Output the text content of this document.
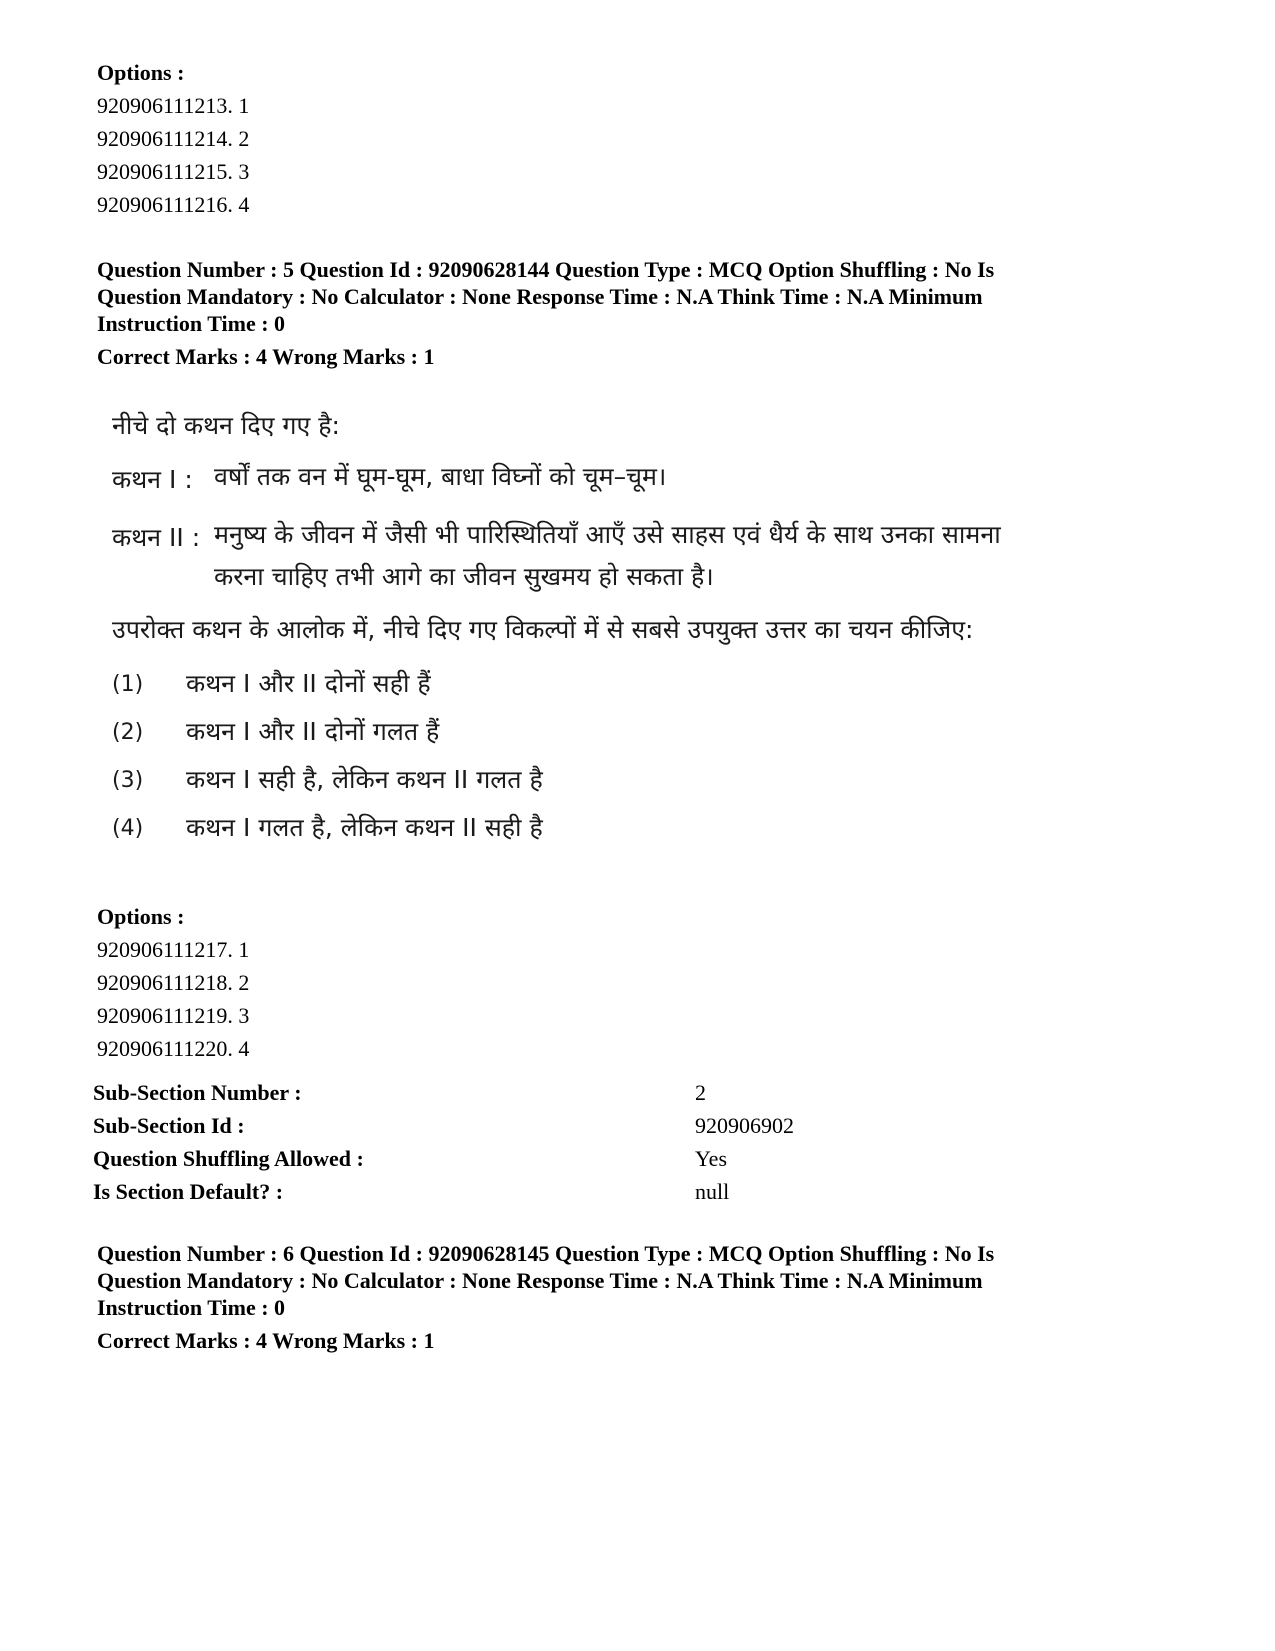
Options :
920906111213. 1
920906111214. 2
920906111215. 3
920906111216. 4
Question Number : 5 Question Id : 92090628144 Question Type : MCQ Option Shuffling : No Is
Question Mandatory : No Calculator : None Response Time : N.A Think Time : N.A Minimum
Instruction Time : 0
Correct Marks : 4 Wrong Marks : 1
नीचे दो कथन दिए गए है:
कथन I : वर्षों तक वन में घूम-घूम, बाधा विघ्नों को चूम–चूम।
कथन II : मनुष्य के जीवन में जैसी भी पारिस्थितियाँ आएँ उसे साहस एवं धैर्य के साथ उनका सामना
करना चाहिए तभी आगे का जीवन सुखमय हो सकता है।
उपरोक्त कथन के आलोक में, नीचे दिए गए विकल्पों में से सबसे उपयुक्त उत्तर का चयन कीजिए:
(1) कथन I और II दोनों सही हैं
(2) कथन I और II दोनों गलत हैं
(3) कथन I सही है, लेकिन कथन II गलत है
(4) कथन I गलत है, लेकिन कथन II सही है
Options :
920906111217. 1
920906111218. 2
920906111219. 3
920906111220. 4
Sub-Section Number :	2
Sub-Section Id :	920906902
Question Shuffling Allowed :	Yes
Is Section Default? :	null
Question Number : 6 Question Id : 92090628145 Question Type : MCQ Option Shuffling : No Is
Question Mandatory : No Calculator : None Response Time : N.A Think Time : N.A Minimum
Instruction Time : 0
Correct Marks : 4 Wrong Marks : 1
